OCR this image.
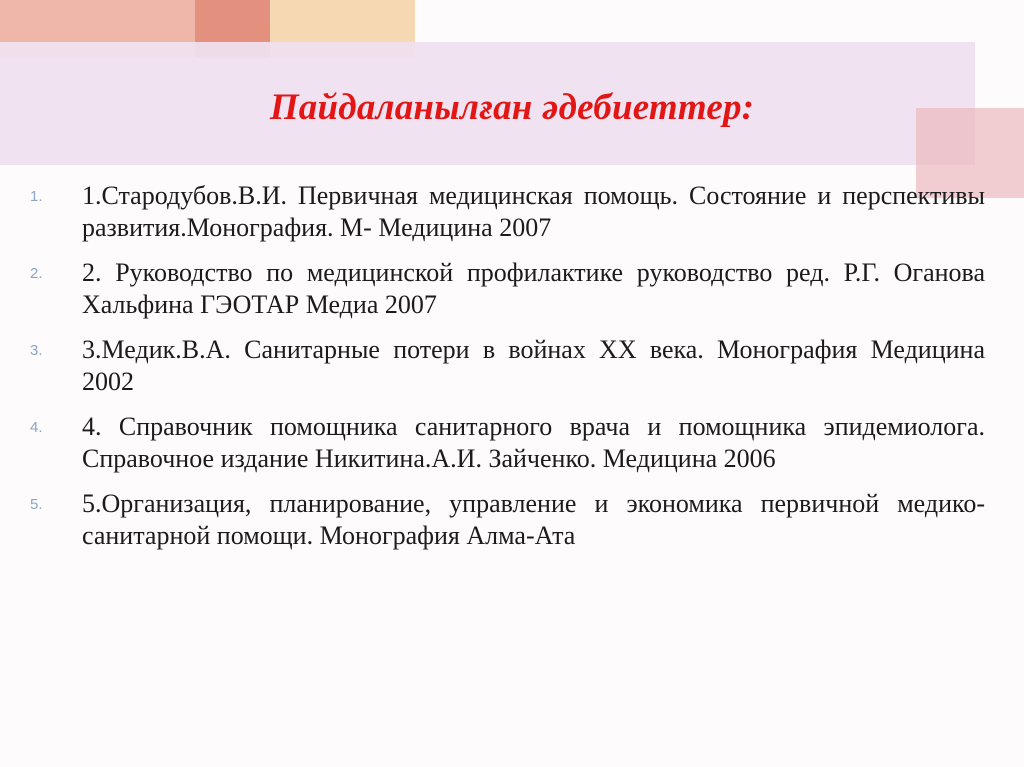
Пайдаланылған әдебиеттер:
1. 1.Стародубов.В.И. Первичная медицинская помощь. Состояние и перспективы развития.Монография. М- Медицина 2007
2. 2. Руководство по медицинской профилактике руководство ред. Р.Г. Оганова Хальфина ГЭОТАР Медиа 2007
3. 3.Медик.В.А. Санитарные потери в войнах XX века. Монография Медицина 2002
4. 4. Справочник помощника санитарного врача и помощника эпидемиолога. Справочное издание Никитина.А.И. Зайченко. Медицина 2006
5. 5.Организация, планирование, управление и экономика первичной медико-санитарной помощи. Монография Алма-Ата
